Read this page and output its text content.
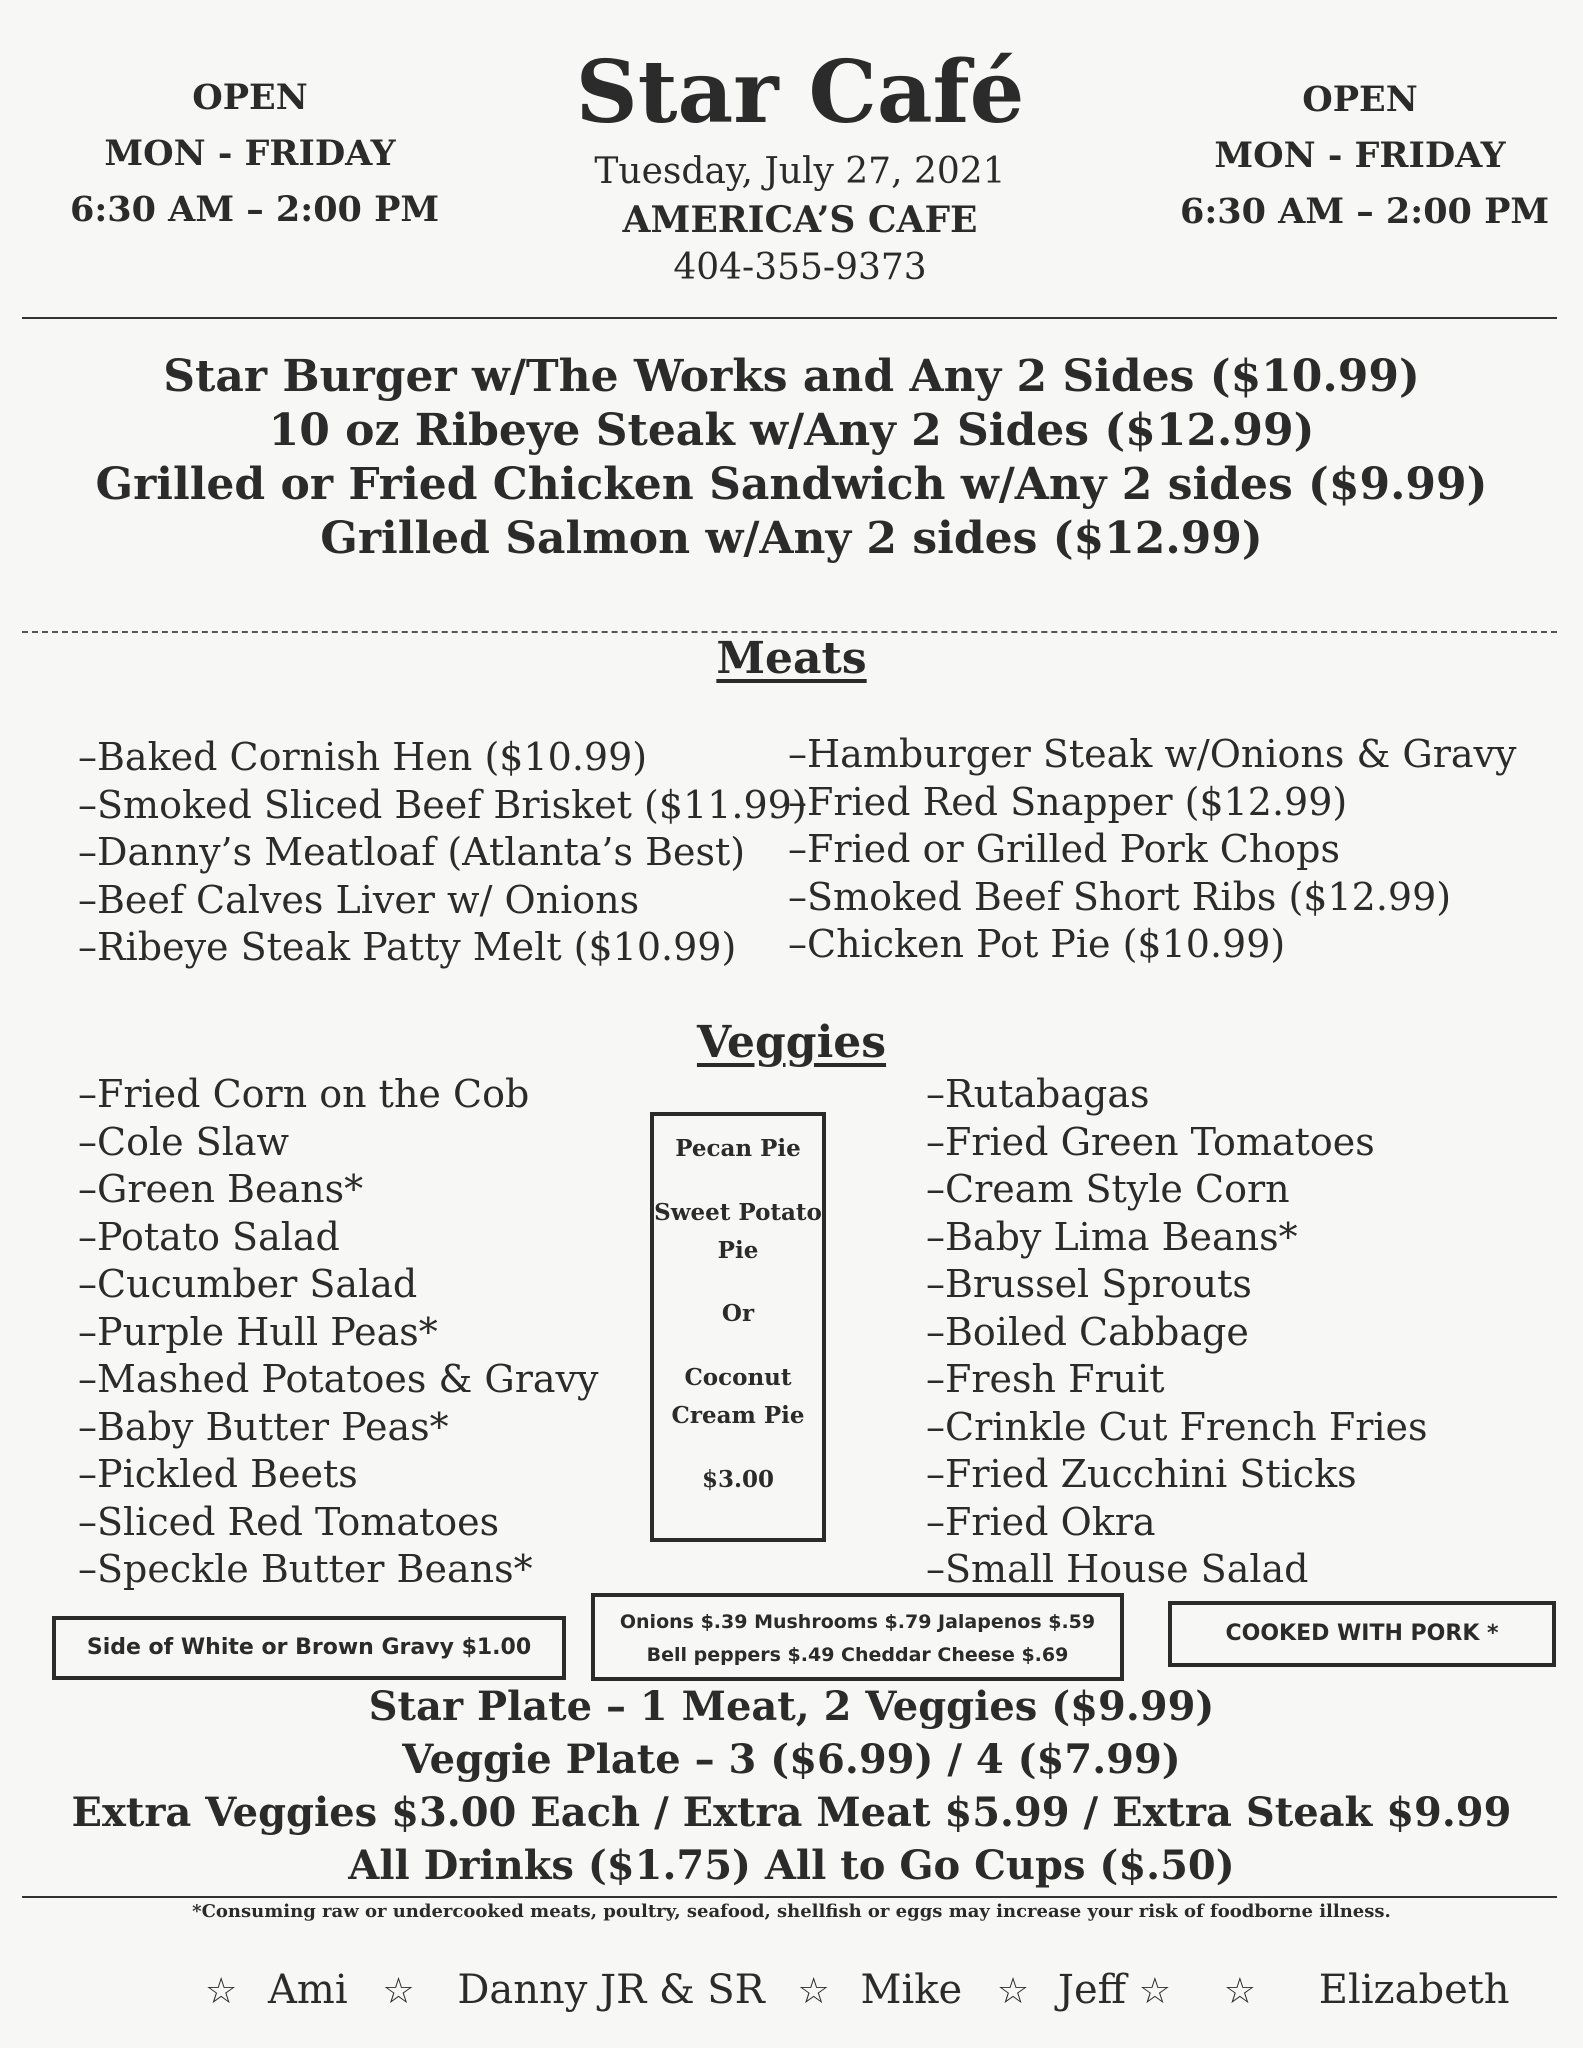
OPEN
MON - FRIDAY
6:30 AM – 2:00 PM
Star Café
Tuesday, July 27, 2021
AMERICA’S CAFE
404-355-9373
OPEN
MON - FRIDAY
6:30 AM – 2:00 PM
Star Burger w/The Works and Any 2 Sides ($10.99)
10 oz Ribeye Steak w/Any 2 Sides ($12.99)
Grilled or Fried Chicken Sandwich w/Any 2 sides ($9.99)
Grilled Salmon w/Any 2 sides ($12.99)
Meats
– Baked Cornish Hen ($10.99)
– Smoked Sliced Beef Brisket ($11.99)
– Danny’s Meatloaf (Atlanta’s Best)
– Beef Calves Liver w/ Onions
– Ribeye Steak Patty Melt ($10.99)
– Hamburger Steak w/Onions & Gravy
– Fried Red Snapper ($12.99)
– Fried or Grilled Pork Chops
– Smoked Beef Short Ribs ($12.99)
– Chicken Pot Pie ($10.99)
Veggies
– Fried Corn on the Cob
– Cole Slaw
– Green Beans*
– Potato Salad
– Cucumber Salad
– Purple Hull Peas*
– Mashed Potatoes & Gravy
– Baby Butter Peas*
– Pickled Beets
– Sliced Red Tomatoes
– Speckle Butter Beans*
Pecan Pie
Sweet Potato
Pie
Or
Coconut
Cream Pie
$3.00
– Rutabagas
– Fried Green Tomatoes
– Cream Style Corn
– Baby Lima Beans*
– Brussel Sprouts
– Boiled Cabbage
– Fresh Fruit
– Crinkle Cut French Fries
– Fried Zucchini Sticks
– Fried Okra
– Small House Salad
Side of White or Brown Gravy $1.00
Onions $.39 Mushrooms $.79 Jalapenos $.59
Bell peppers $.49 Cheddar Cheese $.69
COOKED WITH PORK *
Star Plate – 1 Meat, 2 Veggies ($9.99)
Veggie Plate – 3 ($6.99) / 4 ($7.99)
Extra Veggies $3.00 Each / Extra Meat $5.99 / Extra Steak $9.99
All Drinks ($1.75) All to Go Cups ($.50)
*Consuming raw or undercooked meats, poultry, seafood, shellfish or eggs may increase your risk of foodborne illness.
☆ Ami ☆ Danny JR & SR ☆ Mike ☆ Jeff ☆ ☆ Elizabeth
